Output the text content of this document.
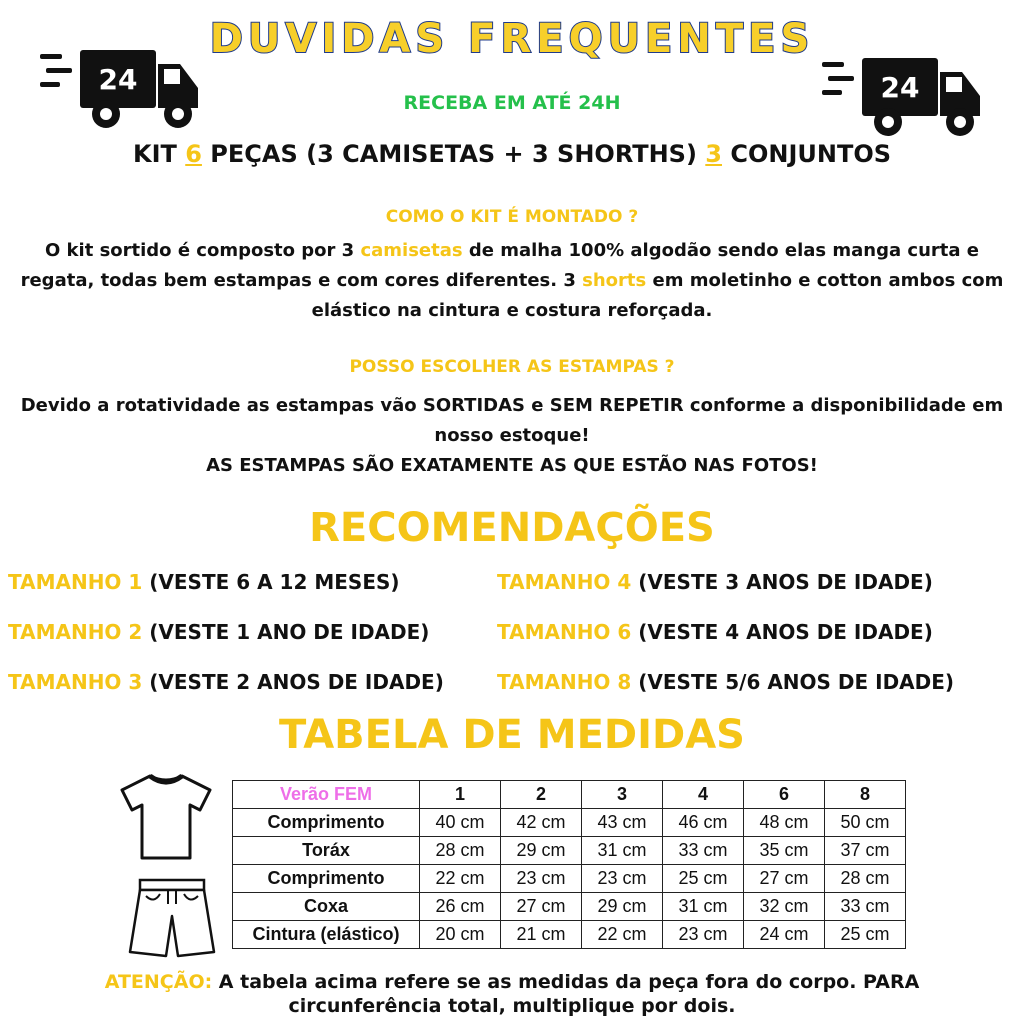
24	24
DUVIDAS FREQUENTES
RECEBA EM ATÉ 24H
KIT 6 PEÇAS (3 CAMISETAS + 3 SHORTHS) 3 CONJUNTOS
COMO O KIT É MONTADO ?
O kit sortido é composto por 3 camisetas de malha 100% algodão sendo elas manga curta e regata, todas bem estampas e com cores diferentes. 3 shorts em moletinho e cotton ambos com elástico na cintura e costura reforçada.
POSSO ESCOLHER AS ESTAMPAS ?
Devido a rotatividade as estampas vão SORTIDAS e SEM REPETIR conforme a disponibilidade em nosso estoque!
AS ESTAMPAS SÃO EXATAMENTE AS QUE ESTÃO NAS FOTOS!
RECOMENDAÇÕES
TAMANHO 1 (VESTE 6 A 12 MESES)
TAMANHO 2 (VESTE 1 ANO DE IDADE)
TAMANHO 3 (VESTE 2 ANOS DE IDADE)
TAMANHO 4 (VESTE 3 ANOS DE IDADE)
TAMANHO 6 (VESTE 4 ANOS DE IDADE)
TAMANHO 8 (VESTE 5/6 ANOS DE IDADE)
TABELA DE MEDIDAS
Verão FEM	1	2	3	4	6	8
Comprimento	40 cm	42 cm	43 cm	46 cm	48 cm	50 cm
Toráx	28 cm	29 cm	31 cm	33 cm	35 cm	37 cm
Comprimento	22 cm	23 cm	23 cm	25 cm	27 cm	28 cm
Coxa	26 cm	27 cm	29 cm	31 cm	32 cm	33 cm
Cintura (elástico)	20 cm	21 cm	22 cm	23 cm	24 cm	25 cm
ATENÇÃO: A tabela acima refere se as medidas da peça fora do corpo. PARA circunferência total, multiplique por dois.
